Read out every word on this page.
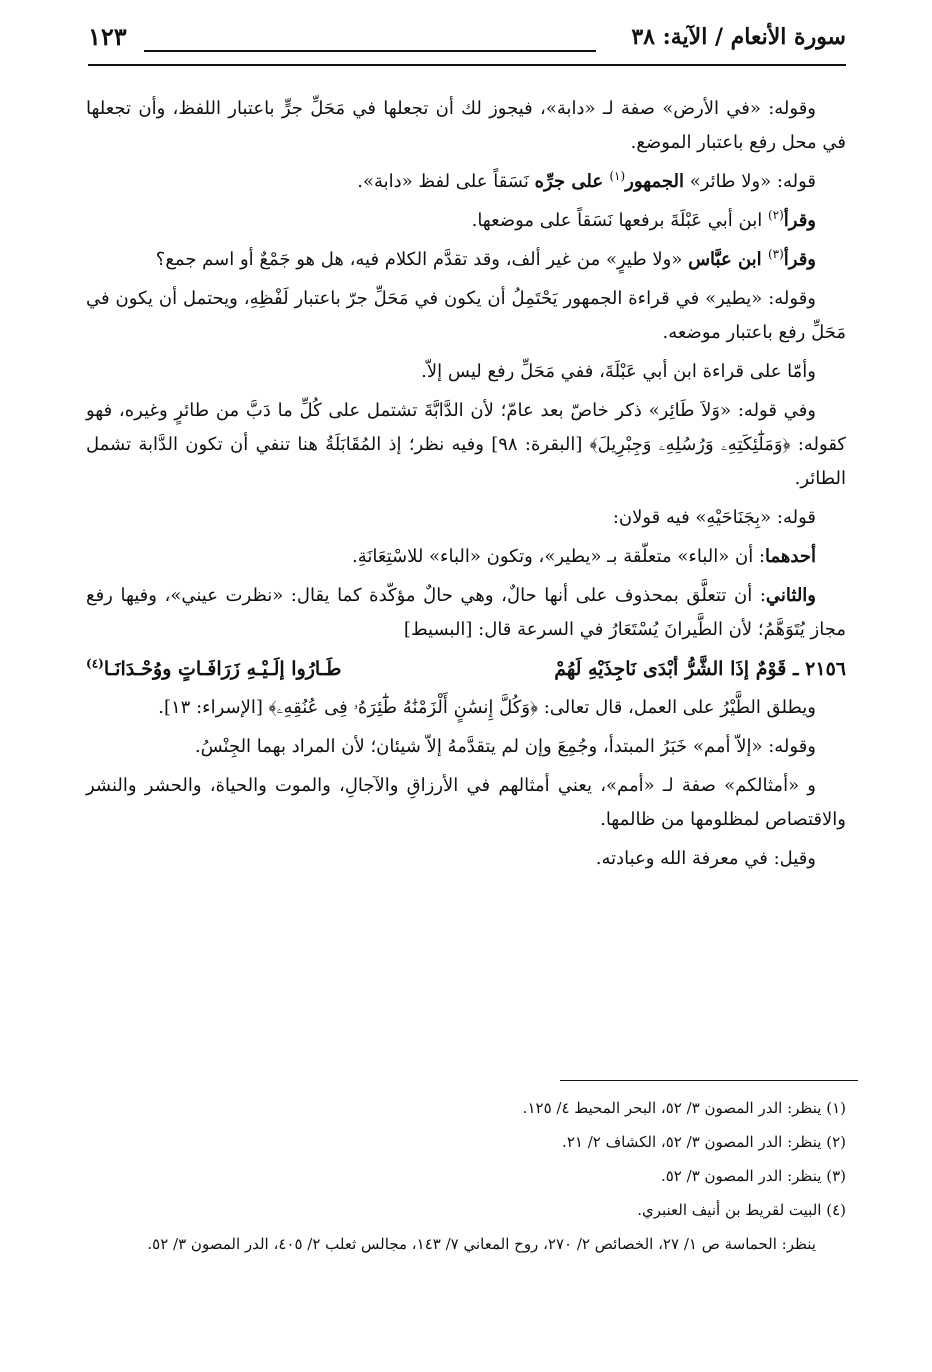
سورة الأنعام / الآية: ٣٨
١٢٣

وقوله: «في الأرض» صفة لـ «دابة»، فيجوز لك أن تجعلها في مَحَلِّ جرٍّ باعتبار اللفظ، وأن تجعلها في محل رفع باعتبار الموضع.

قوله: «ولا طائر» الجمهور$^{(١)}$ على جرِّه نَسَقاً على لفظ «دابة».

وقرأ$^{(٢)}$ ابن أبي عَبْلَةَ برفعها نَسَقاً على موضعها.

وقرأ$^{(٣)}$ ابن عبَّاس «ولا طيرٍ» من غير ألف، وقد تقدَّم الكلام فيه، هل هو جَمْعٌ أو اسم جمع؟

وقوله: «يطير» في قراءة الجمهور يَحْتَمِلُ أن يكون في مَحَلِّ جرّ باعتبار لَفْظِهِ، ويحتمل أن يكون في مَحَلِّ رفع باعتبار موضعه.

وأمّا على قراءة ابن أبي عَبْلَةَ، ففي مَحَلِّ رفع ليس إلاّ.

وفي قوله: «وَلاَ طَائِر» ذكر خاصّ بعد عامّ؛ لأن الدَّابَّةَ تشتمل على كُلِّ ما دَبَّ من طائرٍ وغيره، فهو كقوله: ﴿وَمَلَٰٓئِكَتِهِۦ وَرُسُلِهِۦ وَجِبْرِيلَ﴾ [البقرة: ٩٨] وفيه نظر؛ إذ المُقَابَلَةُ هنا تنفي أن تكون الدَّابة تشمل الطائر.

قوله: «بِجَنَاحَيْهِ» فيه قولان:

أحدهما: أن «الباء» متعلّقة بـ «يطير»، وتكون «الباء» للاسْتِعَانَةِ.

والثاني: أن تتعلَّق بمحذوف على أنها حالٌ، وهي حالٌ مؤكّدة كما يقال: «نظرت عيني»، وفيها رفع مجاز يُتَوَهَّمُ؛ لأن الطَّيرانَ يُسْتَعَارُ في السرعة قال: [البسيط]

٢١٥٦ ـ قَوْمٌ إذَا الشَّرُّ أبْدَى نَاجِذَيْهِ لَهُمْ
طَـارُوا إلَـيْـهِ زَرَافَـاتٍ ووُحْـدَانَـا$^{(٤)}$

ويطلق الطَّيْرُ على العمل، قال تعالى: ﴿وَكُلَّ إِنسَٰنٍ أَلْزَمْنَٰهُ طَٰٓئِرَهُۥ فِى عُنُقِهِۦ﴾ [الإسراء: ١٣].

وقوله: «إلاّ أمم» خَبَرُ المبتدأ، وجُمِعَ وإن لم يتقدَّمهُ إلاّ شيئان؛ لأن المراد بهما الجِنْسُ.

و «أمثالكم» صفة لـ «أمم»، يعني أمثالهم في الأرزاقِ والآجالِ، والموت والحياة، والحشر والنشر والاقتصاص لمظلومها من ظالمها.

وقيل: في معرفة الله وعبادته.

(١) ينظر: الدر المصون ٣/ ٥٢، البحر المحيط ٤/ ١٢٥.

(٢) ينظر: الدر المصون ٣/ ٥٢، الكشاف ٢/ ٢١.

(٣) ينظر: الدر المصون ٣/ ٥٢.

(٤) البيت لقريط بن أنيف العنبري.

ينظر: الحماسة ص ١/ ٢٧، الخصائص ٢/ ٢٧٠، روح المعاني ٧/ ١٤٣، مجالس ثعلب ٢/ ٤٠٥، الدر المصون ٣/ ٥٢.
